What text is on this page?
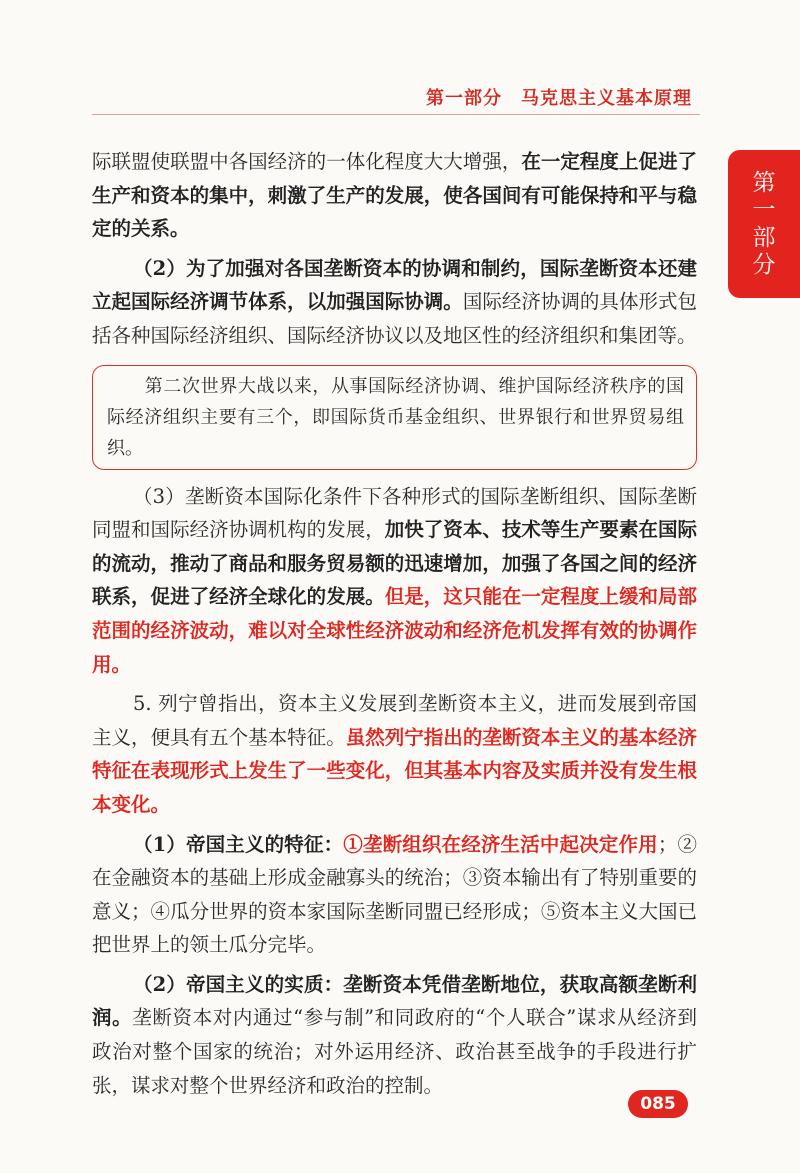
第一部分　马克思主义基本原理
第
一
部
分

际联盟使联盟中各国经济的一体化程度大大增强，在一定程度上促进了生产和资本的集中，刺激了生产的发展，使各国间有可能保持和平与稳定的关系。

（2）为了加强对各国垄断资本的协调和制约，国际垄断资本还建立起国际经济调节体系，以加强国际协调。国际经济协调的具体形式包括各种国际经济组织、国际经济协议以及地区性的经济组织和集团等。

第二次世界大战以来，从事国际经济协调、维护国际经济秩序的国际经济组织主要有三个，即国际货币基金组织、世界银行和世界贸易组织。

（3）垄断资本国际化条件下各种形式的国际垄断组织、国际垄断同盟和国际经济协调机构的发展，加快了资本、技术等生产要素在国际的流动，推动了商品和服务贸易额的迅速增加，加强了各国之间的经济联系，促进了经济全球化的发展。但是，这只能在一定程度上缓和局部范围的经济波动，难以对全球性经济波动和经济危机发挥有效的协调作用。

5. 列宁曾指出，资本主义发展到垄断资本主义，进而发展到帝国主义，便具有五个基本特征。虽然列宁指出的垄断资本主义的基本经济特征在表现形式上发生了一些变化，但其基本内容及实质并没有发生根本变化。

（1）帝国主义的特征：①垄断组织在经济生活中起决定作用；②在金融资本的基础上形成金融寡头的统治；③资本输出有了特别重要的意义；④瓜分世界的资本家国际垄断同盟已经形成；⑤资本主义大国已把世界上的领土瓜分完毕。

（2）帝国主义的实质：垄断资本凭借垄断地位，获取高额垄断利润。垄断资本对内通过“参与制”和同政府的“个人联合”谋求从经济到政治对整个国家的统治；对外运用经济、政治甚至战争的手段进行扩张，谋求对整个世界经济和政治的控制。

085
